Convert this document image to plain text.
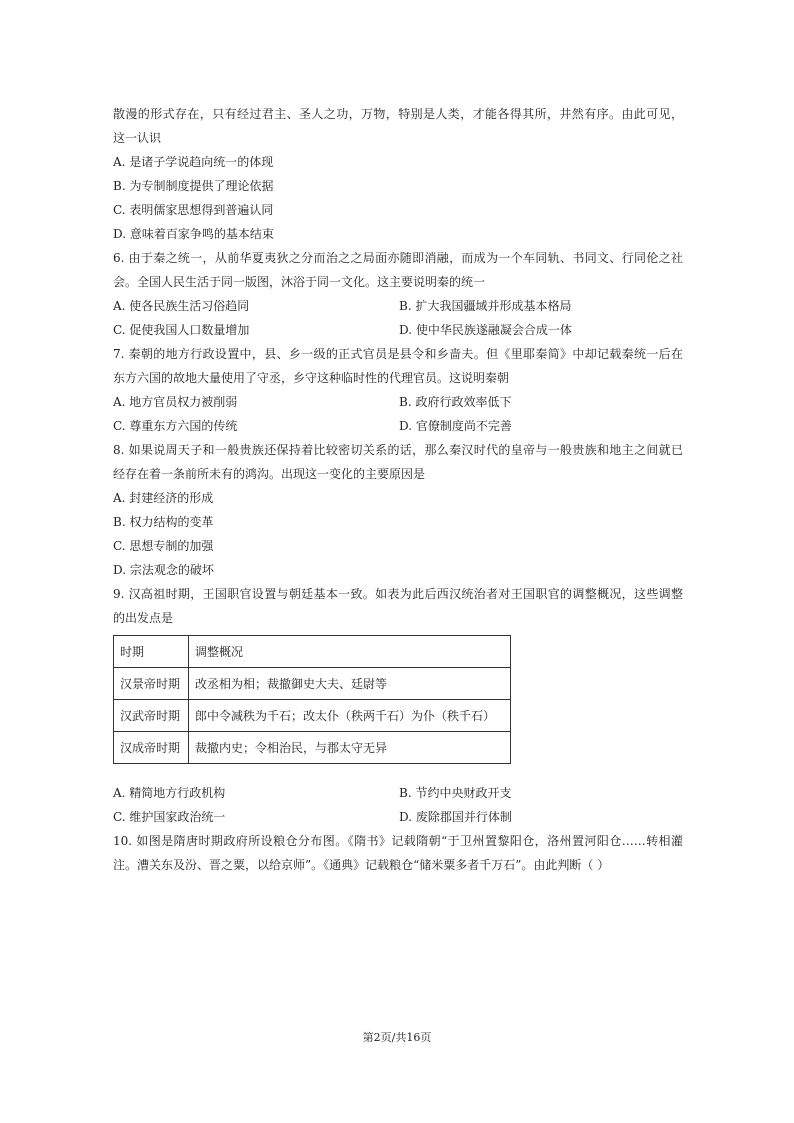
散漫的形式存在，只有经过君主、圣人之功，万物，特别是人类，才能各得其所，井然有序。由此可见，

这一认识

A. 是诸子学说趋向统一的体现

B. 为专制制度提供了理论依据

C. 表明儒家思想得到普遍认同

D. 意味着百家争鸣的基本结束

6. 由于秦之统一，从前华夏夷狄之分而治之之局面亦随即消融，而成为一个车同轨、书同文、行同伦之社

会。全国人民生活于同一版图，沐浴于同一文化。这主要说明秦的统一

A. 使各民族生活习俗趋同	B. 扩大我国疆域并形成基本格局
C. 促使我国人口数量增加	D. 使中华民族遂融凝会合成一体

7. 秦朝的地方行政设置中，县、乡一级的正式官员是县令和乡啬夫。但《里耶秦简》中却记载秦统一后在

东方六国的故地大量使用了守丞，乡守这种临时性的代理官员。这说明秦朝

A. 地方官员权力被削弱	B. 政府行政效率低下
C. 尊重东方六国的传统	D. 官僚制度尚不完善

8. 如果说周天子和一般贵族还保持着比较密切关系的话，那么秦汉时代的皇帝与一般贵族和地主之间就已

经存在着一条前所未有的鸿沟。出现这一变化的主要原因是

A. 封建经济的形成

B. 权力结构的变革

C. 思想专制的加强

D. 宗法观念的破坏

9. 汉高祖时期，王国职官设置与朝廷基本一致。如表为此后西汉统治者对王国职官的调整概况，这些调整

的出发点是

时期	调整概况
汉景帝时期	改丞相为相；裁撤御史大夫、廷尉等
汉武帝时期	郎中令减秩为千石；改太仆（秩两千石）为仆（秩千石）
汉成帝时期	裁撤内史；令相治民，与郡太守无异
A. 精简地方行政机构	B. 节约中央财政开支
C. 维护国家政治统一	D. 废除郡国并行体制

10. 如图是隋唐时期政府所设粮仓分布图。《隋书》记载隋朝“于卫州置黎阳仓，洛州置河阳仓……转相灌

注。漕关东及汾、晋之粟，以给京师”。《通典》记载粮仓“储米粟多者千万石”。由此判断（ ）

第2页/共16页
